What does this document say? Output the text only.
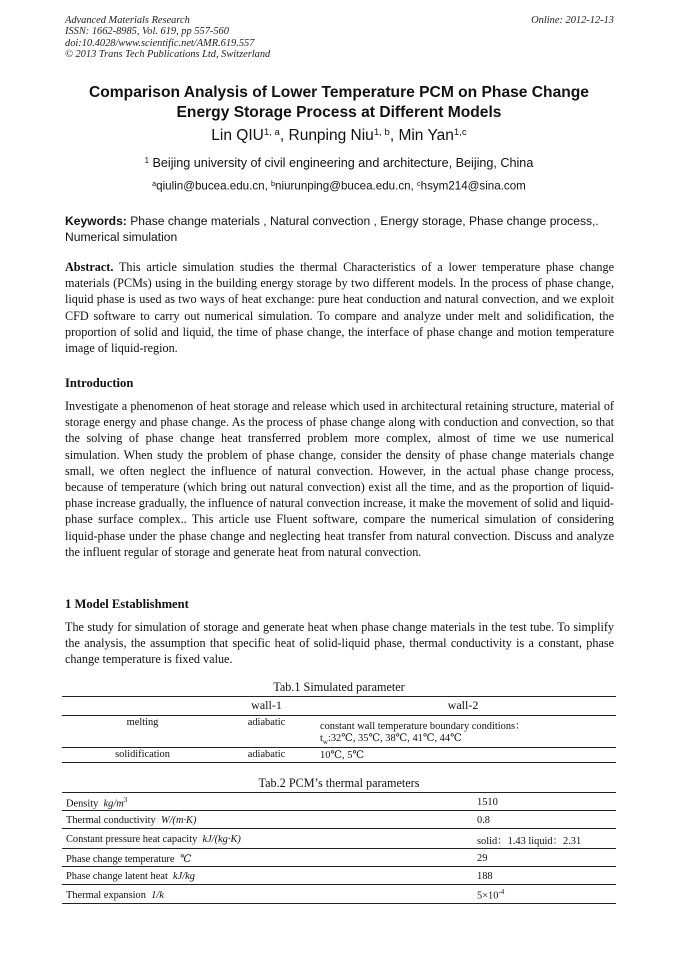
Advanced Materials Research
ISSN: 1662-8985, Vol. 619, pp 557-560
doi:10.4028/www.scientific.net/AMR.619.557
© 2013 Trans Tech Publications Ltd, Switzerland
Online: 2012-12-13
Comparison Analysis of Lower Temperature PCM on Phase Change
Energy Storage Process at Different Models
Lin QIU$^{1, a}$, Runping Niu$^{1, b}$, Min Yan$^{1,c}$
$^1$ Beijing university of civil engineering and architecture, Beijing, China
$^a$qiulin@bucea.edu.cn, $^b$niurunping@bucea.edu.cn, $^c$hsym214@sina.com
Keywords: Phase change materials , Natural convection , Energy storage, Phase change process,. Numerical simulation
Abstract. This article simulation studies the thermal Characteristics of a lower temperature phase change materials (PCMs) using in the building energy storage by two different models. In the process of phase change, liquid phase is used as two ways of heat exchange: pure heat conduction and natural convection, and we exploit CFD software to carry out numerical simulation. To compare and analyze under melt and solidification, the proportion of solid and liquid, the time of phase change, the interface of phase change and motion temperature image of liquid-region.
Introduction
Investigate a phenomenon of heat storage and release which used in architectural retaining structure, material of storage energy and phase change. As the process of phase change along with conduction and convection, so that the solving of phase change heat transferred problem more complex, almost of time we use numerical simulation. When study the problem of phase change, consider the density of phase change materials change small, we often neglect the influence of natural convection. However, in the actual phase change process, because of temperature (which bring out natural convection) exist all the time, and as the proportion of liquid-phase increase gradually, the influence of natural convection increase, it make the movement of solid and liquid-phase surface complex.. This article use Fluent software, compare the numerical simulation of considering liquid-phase under the phase change and neglecting heat transfer from natural convection. Discuss and analyze the influent regular of storage and generate heat from natural convection.
1 Model Establishment
The study for simulation of storage and generate heat when phase change materials in the test tube. To simplify the analysis, the assumption that specific heat of solid-liquid phase, thermal conductivity is a constant, phase change temperature is fixed value.
Tab.1 Simulated parameter
	wall-1	wall-2
melting	adiabatic	constant wall temperature boundary conditions：
$t_w:32℃$, 35℃, 38℃, 41℃, 44℃

solidification	adiabatic	10℃, 5℃
Tab.2 PCM’s thermal parameters
Density $kg/m^3$	1510
Thermal conductivity W/(m·K)	0.8
Constant pressure heat capacity kJ/(kg·K)	solid：1.43 liquid：2.31
Phase change temperature ℃	29
Phase change latent heat kJ/kg	188
Thermal expansion 1/k	$5\times 10^{-4}$
